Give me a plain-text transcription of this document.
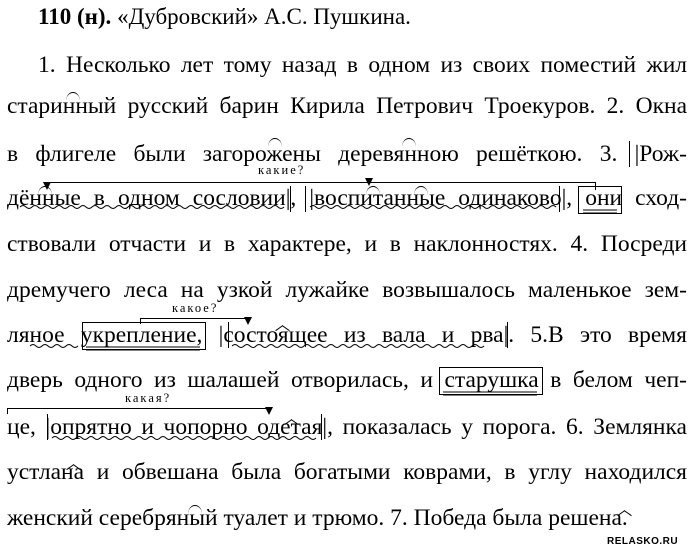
110 (н). «Дубровский» А.С. Пушкина.
1. Несколько лет тому назад в одном из своих поместий жил
старинный русский барин Кирила Петрович Троекуров. 2. Окна
в флигеле были загорожены деревянною решёткою. 3. |Рож-
дённые в одном сословии|, |воспитанные одинаково|, они сход-
ствовали отчасти и в характере, и в наклонностях. 4. Посреди
дремучего леса на узкой лужайке возвышалось маленькое зем-
ляное укрепление, |состоящее из вала и рва|. 5.В это время
дверь одного из шалашей отворилась, и старушка в белом чеп-
це, |опрятно и чопорно одетая|, показалась у порога. 6. Землянка
устлана и обвешана была богатыми коврами, в углу находился
женский серебряный туалет и трюмо. 7. Победа была решена.
какие?
какое?
какая?
RELASKO.RU
